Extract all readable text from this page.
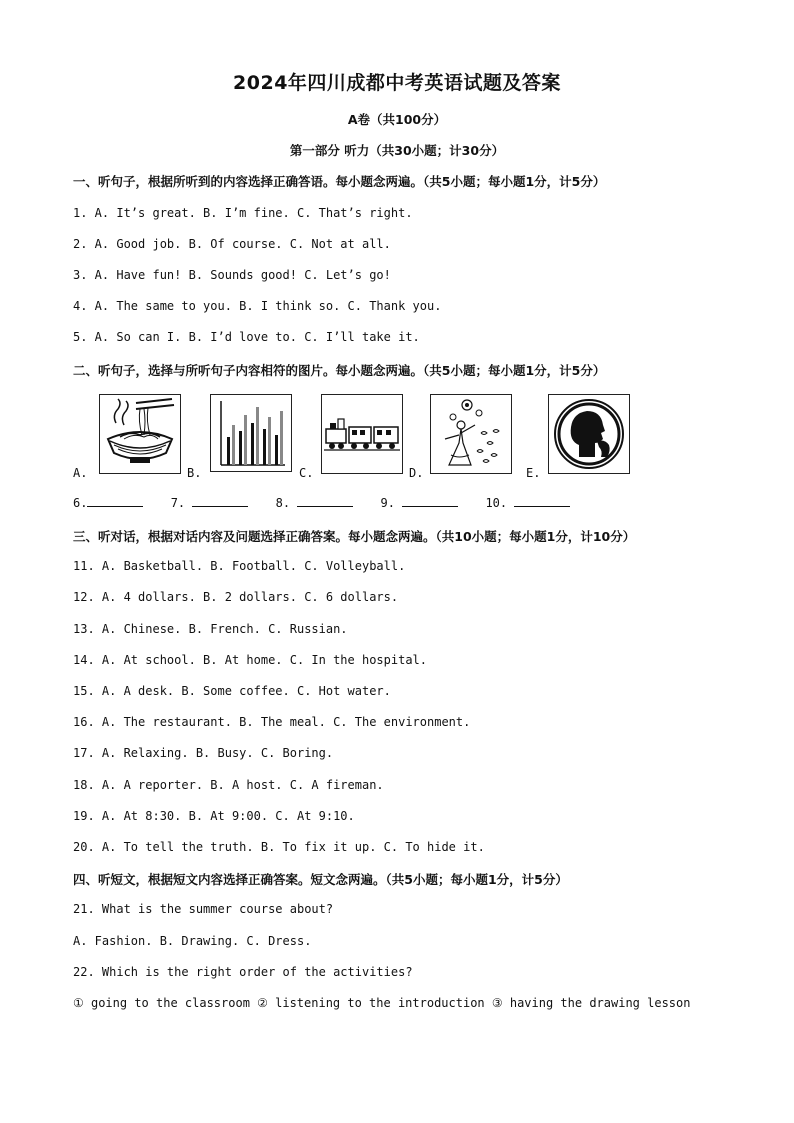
2024年四川成都中考英语试题及答案
A卷（共100分）
第一部分 听力（共30小题；计30分）
一、听句子，根据所听到的内容选择正确答语。每小题念两遍。（共5小题；每小题1分，计5分）
1. A. It’s great. B. I’m fine. C. That’s right.
2. A. Good job. B. Of course. C. Not at all.
3. A. Have fun! B. Sounds good! C. Let’s go!
4. A. The same to you. B. I think so. C. Thank you.
5. A. So can I. B. I’d love to. C. I’ll take it.
二、听句子，选择与所听句子内容相符的图片。每小题念两遍。（共5小题；每小题1分，计5分）
A.	B.	C.	D.	E.
6.	7.	8.	9.	10.
三、听对话，根据对话内容及问题选择正确答案。每小题念两遍。（共10小题；每小题1分，计10分）
11. A. Basketball. B. Football. C. Volleyball.
12. A. 4 dollars. B. 2 dollars. C. 6 dollars.
13. A. Chinese. B. French. C. Russian.
14. A. At school. B. At home. C. In the hospital.
15. A. A desk. B. Some coffee. C. Hot water.
16. A. The restaurant. B. The meal. C. The environment.
17. A. Relaxing. B. Busy. C. Boring.
18. A. A reporter. B. A host. C. A fireman.
19. A. At 8:30. B. At 9:00. C. At 9:10.
20. A. To tell the truth. B. To fix it up. C. To hide it.
四、听短文，根据短文内容选择正确答案。短文念两遍。（共5小题；每小题1分，计5分）
21. What is the summer course about?
A. Fashion. B. Drawing. C. Dress.
22. Which is the right order of the activities?
① going to the classroom ② listening to the introduction ③ having the drawing lesson
